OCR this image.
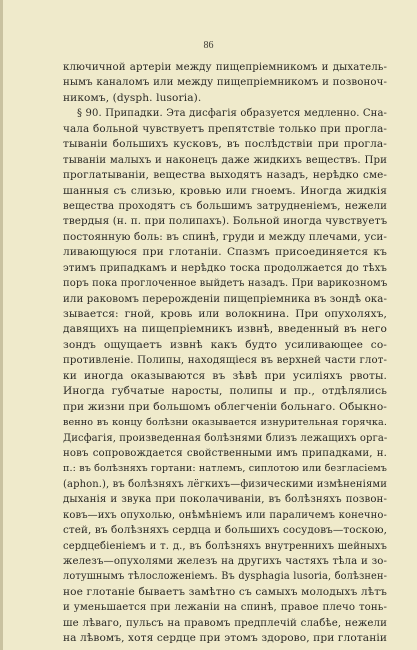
86
ключичной артеріи между пищепріемникомъ и дыхатель-
нымъ каналомъ или между пищепріемникомъ и позвоноч-
никомъ, (dysph. lusoria).
§ 90. Припадки. Эта дисфагія образуется медленно. Сна-
чала больной чувствуетъ препятствіе только при прогла-
тываніи большихъ кусковъ, въ послѣдствіи при прогла-
тываніи малыхъ и наконецъ даже жидкихъ веществъ. При
проглатываніи, вещества выходятъ назадъ, нерѣдко сме-
шанныя съ слизью, кровью или гноемъ. Иногда жидкія
вещества проходятъ съ большимъ затрудненіемъ, нежели
твердыя (н. п. при полипахъ). Больной иногда чувствуетъ
постоянную боль: въ спинѣ, груди и между плечами, уси-
ливающуюся при глотаніи. Спазмъ присоединяется къ
этимъ припадкамъ и нерѣдко тоска продолжается до тѣхъ
поръ пока проглоченное выйдетъ назадъ. При варикозномъ
или раковомъ перерожденіи пищепріемника въ зондѣ ока-
зывается: гной, кровь или волокнина. При опухоляхъ,
давящихъ на пищепріемникъ извнѣ, введенный въ него
зондъ ощущаетъ извнѣ какъ будто усиливающее со-
противленіе. Полипы, находящіеся въ верхней части глот-
ки иногда оказываются въ зѣвѣ при усиліяхъ рвоты.
Иногда губчатые наросты, полипы и пр., отдѣлялись
при жизни при большомъ облегченіи больнаго. Обыкно-
венно въ концу болѣзни оказывается изнурительная горячка.
Дисфагія, произведенная болѣзнями близъ лежащихъ орга-
новъ сопровождается свойственными имъ припадками, н.
п.: въ болѣзняхъ гортани: натлемъ, сиплотою или безгласіемъ
(aphon.), въ болѣзняхъ лёгкихъ—физическими измѣненіями
дыханія и звука при поколачиваніи, въ болѣзняхъ позвон-
ковъ—ихъ опухолью, онѣмѣніемъ или параличемъ конечно-
стей, въ болѣзняхъ сердца и большихъ сосудовъ—тоскою,
сердцебіеніемъ и т. д., въ болѣзняхъ внутреннихъ шейныхъ
железъ—опухолями железъ на другихъ частяхъ тѣла и зо-
лотушнымъ тѣлосложеніемъ. Въ dysphagia lusoria, болѣзнен-
ное глотаніе бываетъ замѣтно съ самыхъ молодыхъ лѣтъ
и уменьшается при лежаніи на спинѣ, правое плечо тонь-
ше лѣваго, пульсъ на правомъ предплечій слабѣе, нежели
на лѣвомъ, хотя сердце при этомъ здорово, при глотаніи
